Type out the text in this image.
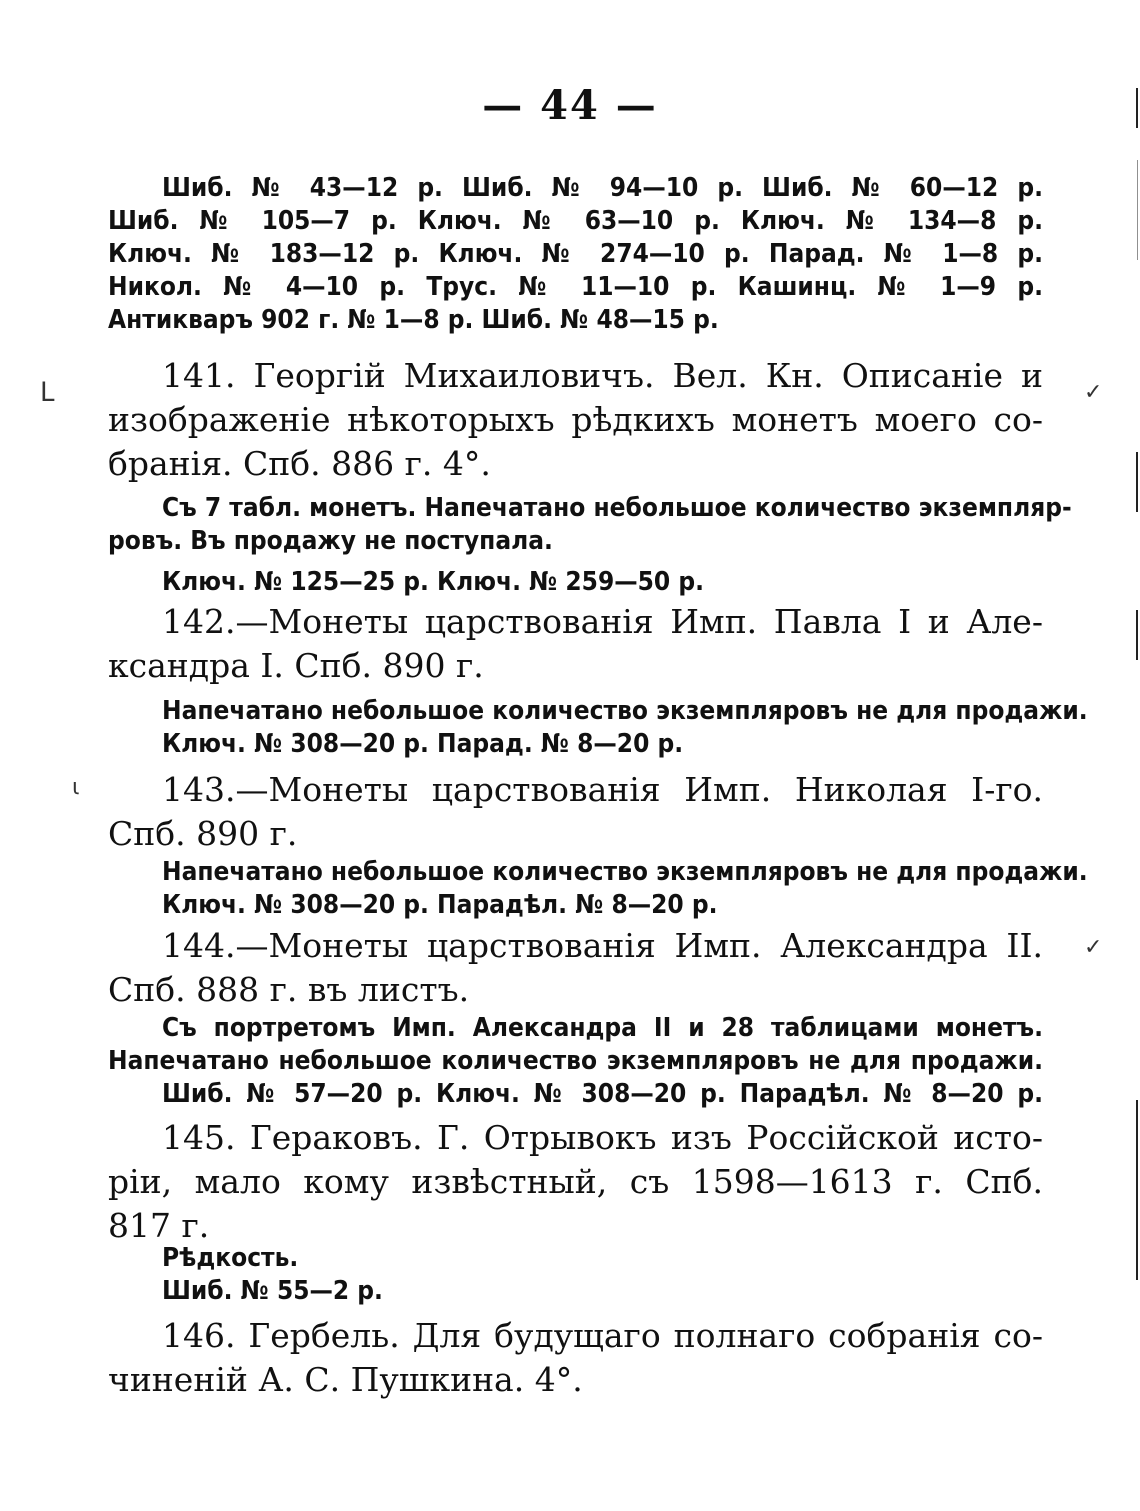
— 44 —

Шиб. № 43—12 р. Шиб. № 94—10 р. Шиб. № 60—12 р.

Шиб. № 105—7 р. Ключ. № 63—10 р. Ключ. № 134—8 р.

Ключ. № 183—12 р. Ключ. № 274—10 р. Парад. № 1—8 р.

Никол. № 4—10 р. Трус. № 11—10 р. Кашинц. № 1—9 р.

Антикваръ 902 г. № 1—8 р. Шиб. № 48—15 р.

141. Георгій Михаиловичъ. Вел. Кн. Описаніе и

изображеніе нѣкоторыхъ рѣдкихъ монетъ моего со-

бранія. Спб. 886 г. 4°.

Съ 7 табл. монетъ. Напечатано небольшое количество экземпляр-

ровъ. Въ продажу не поступала.

Ключ. № 125—25 р. Ключ. № 259—50 р.

142.—Монеты царствованія Имп. Павла I и Але-

ксандра I. Спб. 890 г.

Напечатано небольшое количество экземпляровъ не для продажи.

Ключ. № 308—20 р. Парад. № 8—20 р.

143.—Монеты царствованія Имп. Николая I-го.

Спб. 890 г.

Напечатано небольшое количество экземпляровъ не для продажи.

Ключ. № 308—20 р. Парадѣл. № 8—20 р.

144.—Монеты царствованія Имп. Александра II.

Спб. 888 г. въ листъ.

Съ портретомъ Имп. Александра II и 28 таблицами монетъ.

Напечатано небольшое количество экземпляровъ не для продажи.

Шиб. № 57—20 р. Ключ. № 308—20 р. Парадѣл. № 8—20 р.

145. Гераковъ. Г. Отрывокъ изъ Россійской исто-

ріи, мало кому извѣстный, съ 1598—1613 г. Спб.

817 г.

Рѣдкость.

Шиб. № 55—2 р.

146. Гербель. Для будущаго полнаго собранія со-

чиненій А. С. Пушкина. 4°.

ᒪ
ι
✓
✓
